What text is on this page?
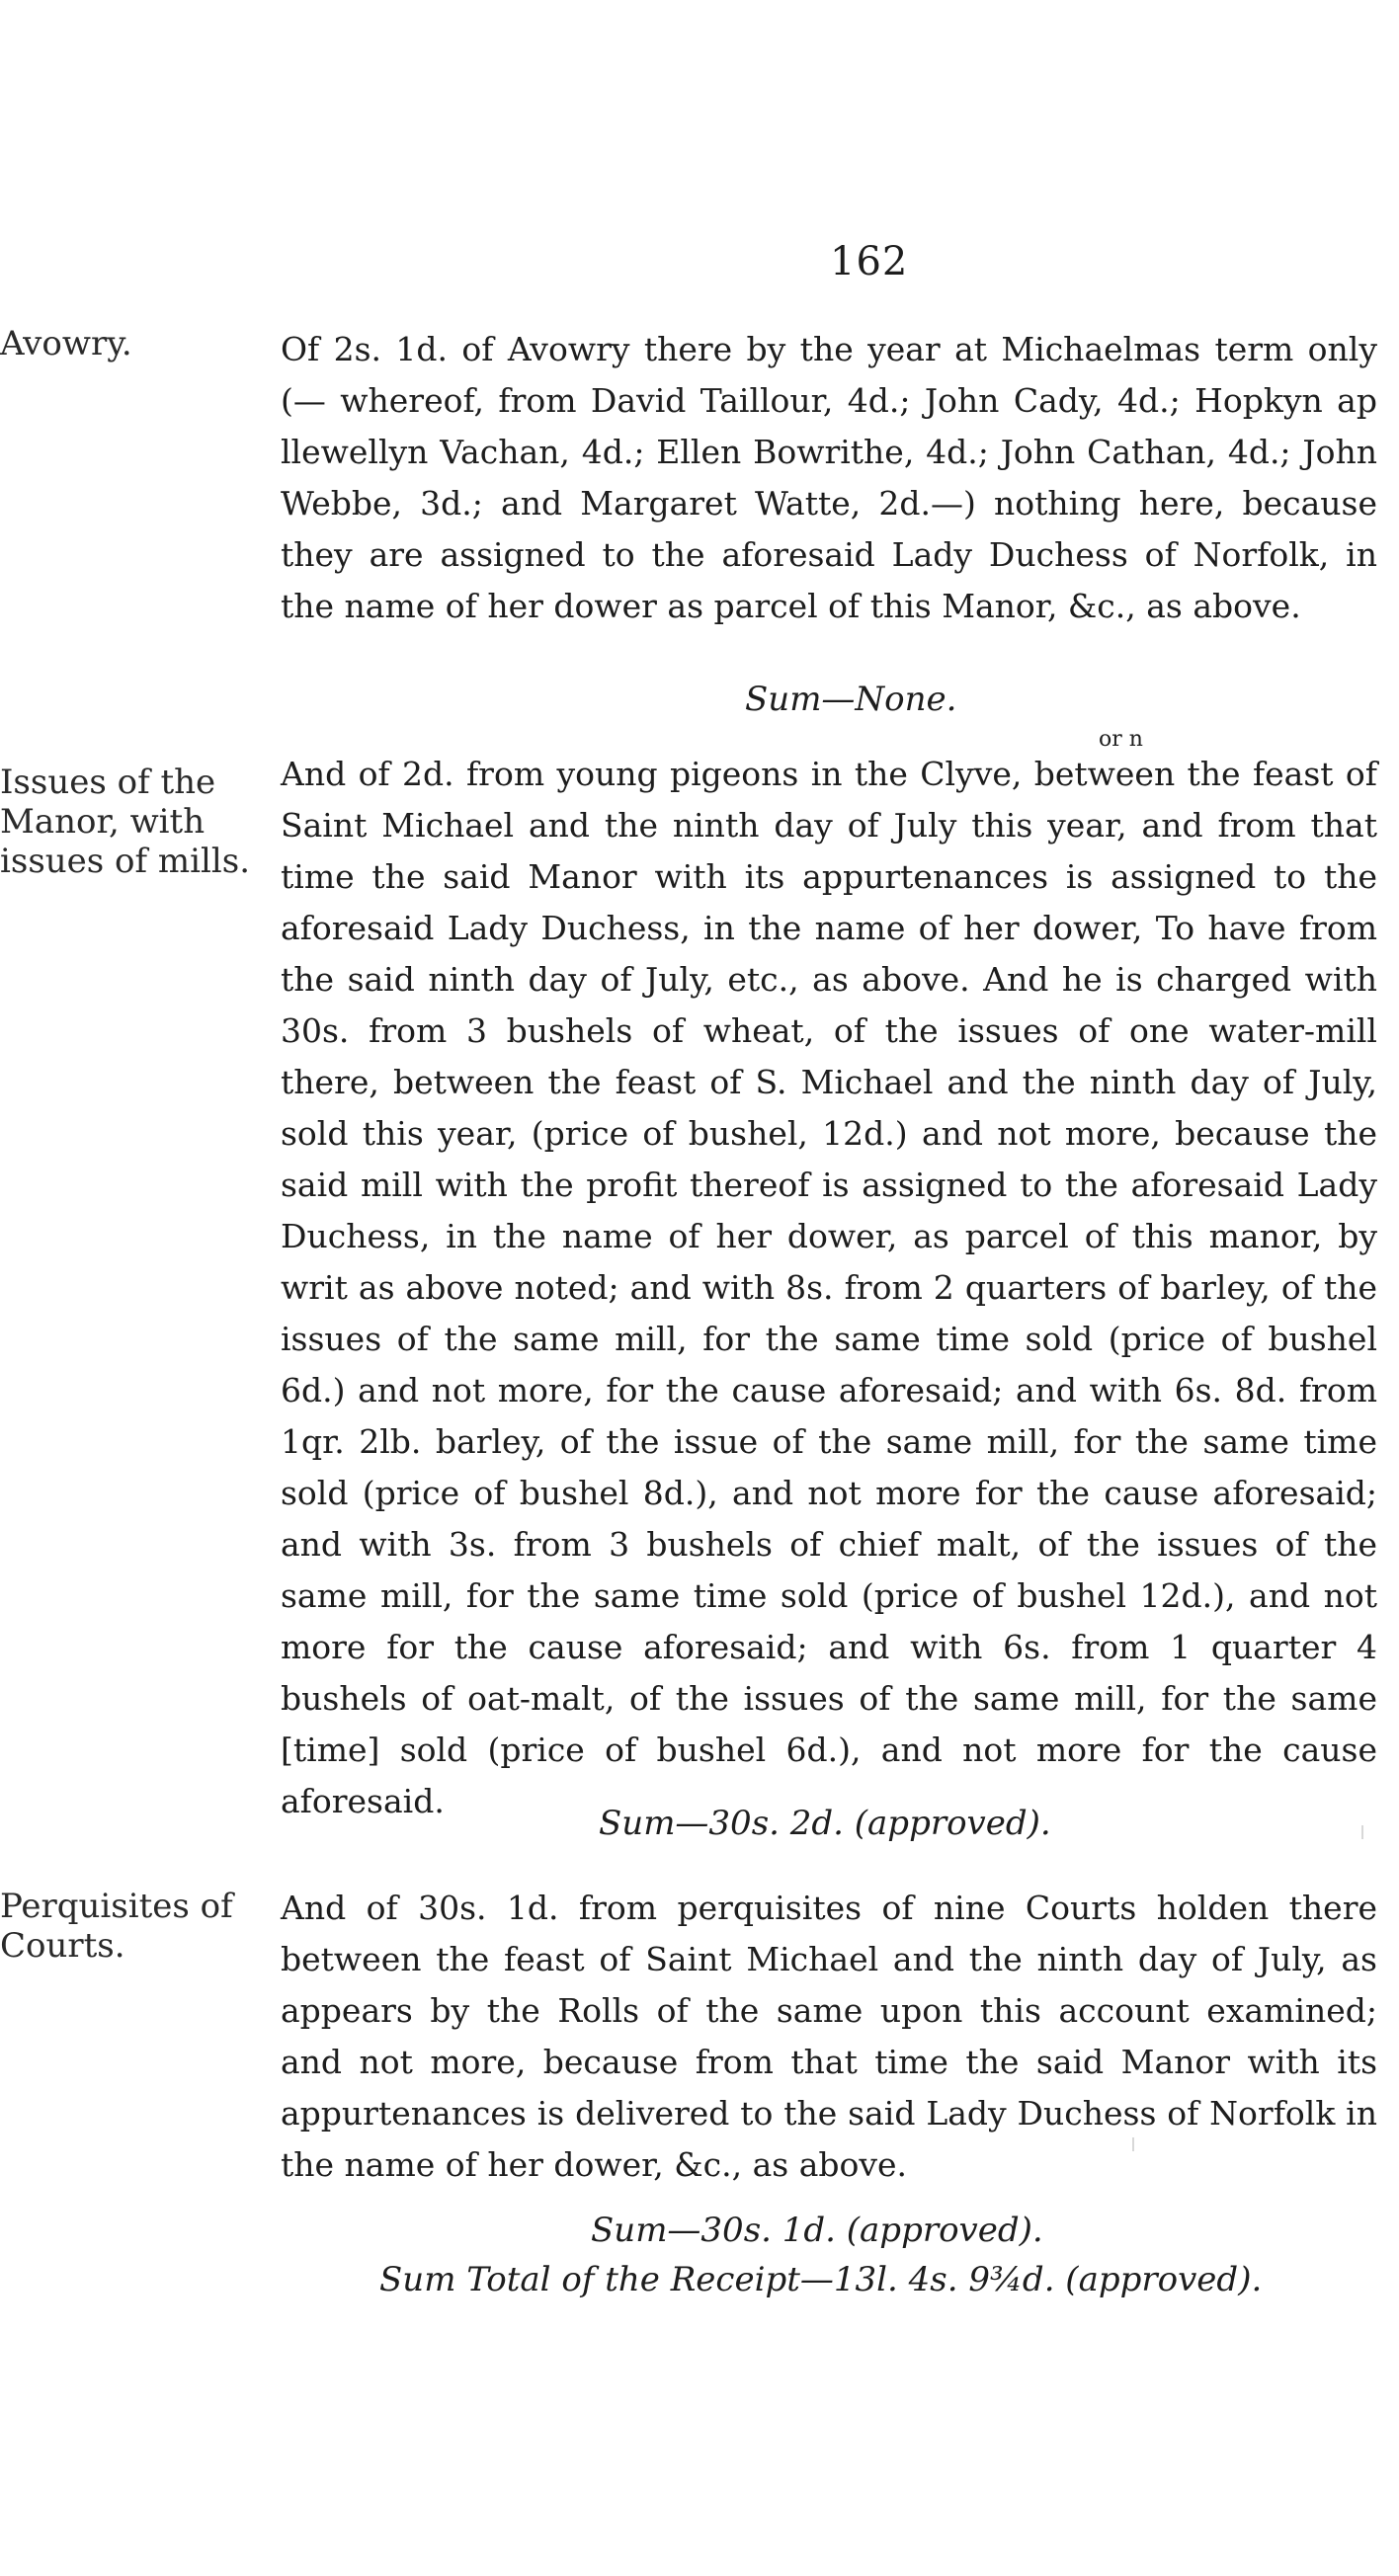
162
Avowry.	Of 2s. 1d. of Avowry there by the year at Michaelmas term only (— whereof, from David Taillour, 4d.; John Cady, 4d.; Hopkyn ap llewellyn Vachan, 4d.; Ellen Bowrithe, 4d.; John Cathan, 4d.; John Webbe, 3d.; and Margaret Watte, 2d.—) nothing here, because they are assigned to the aforesaid Lady Duchess of Norfolk, in the name of her dower as parcel of this Manor, &c., as above.
Sum—None.
or n
Issues of the Manor, with issues of mills.
And of 2d. from young pigeons in the Clyve, between the feast of Saint Michael and the ninth day of July this year, and from that time the said Manor with its appurtenances is assigned to the aforesaid Lady Duchess, in the name of her dower, To have from the said ninth day of July, etc., as above. And he is charged with 30s. from 3 bushels of wheat, of the issues of one water-mill there, between the feast of S. Michael and the ninth day of July, sold this year, (price of bushel, 12d.) and not more, because the said mill with the profit thereof is assigned to the aforesaid Lady Duchess, in the name of her dower, as parcel of this manor, by writ as above noted; and with 8s. from 2 quarters of barley, of the issues of the same mill, for the same time sold (price of bushel 6d.) and not more, for the cause aforesaid; and with 6s. 8d. from 1qr. 2lb. barley, of the issue of the same mill, for the same time sold (price of bushel 8d.), and not more for the cause aforesaid; and with 3s. from 3 bushels of chief malt, of the issues of the same mill, for the same time sold (price of bushel 12d.), and not more for the cause aforesaid; and with 6s. from 1 quarter 4 bushels of oat-malt, of the issues of the same mill, for the same [time] sold (price of bushel 6d.), and not more for the cause aforesaid.
Sum—30s. 2d. (approved).
Perquisites of Courts.
And of 30s. 1d. from perquisites of nine Courts holden there between the feast of Saint Michael and the ninth day of July, as appears by the Rolls of the same upon this account examined; and not more, because from that time the said Manor with its appurtenances is delivered to the said Lady Duchess of Norfolk in the name of her dower, &c., as above.
Sum—30s. 1d. (approved).
Sum Total of the Receipt—13l. 4s. 9¾d. (approved).
